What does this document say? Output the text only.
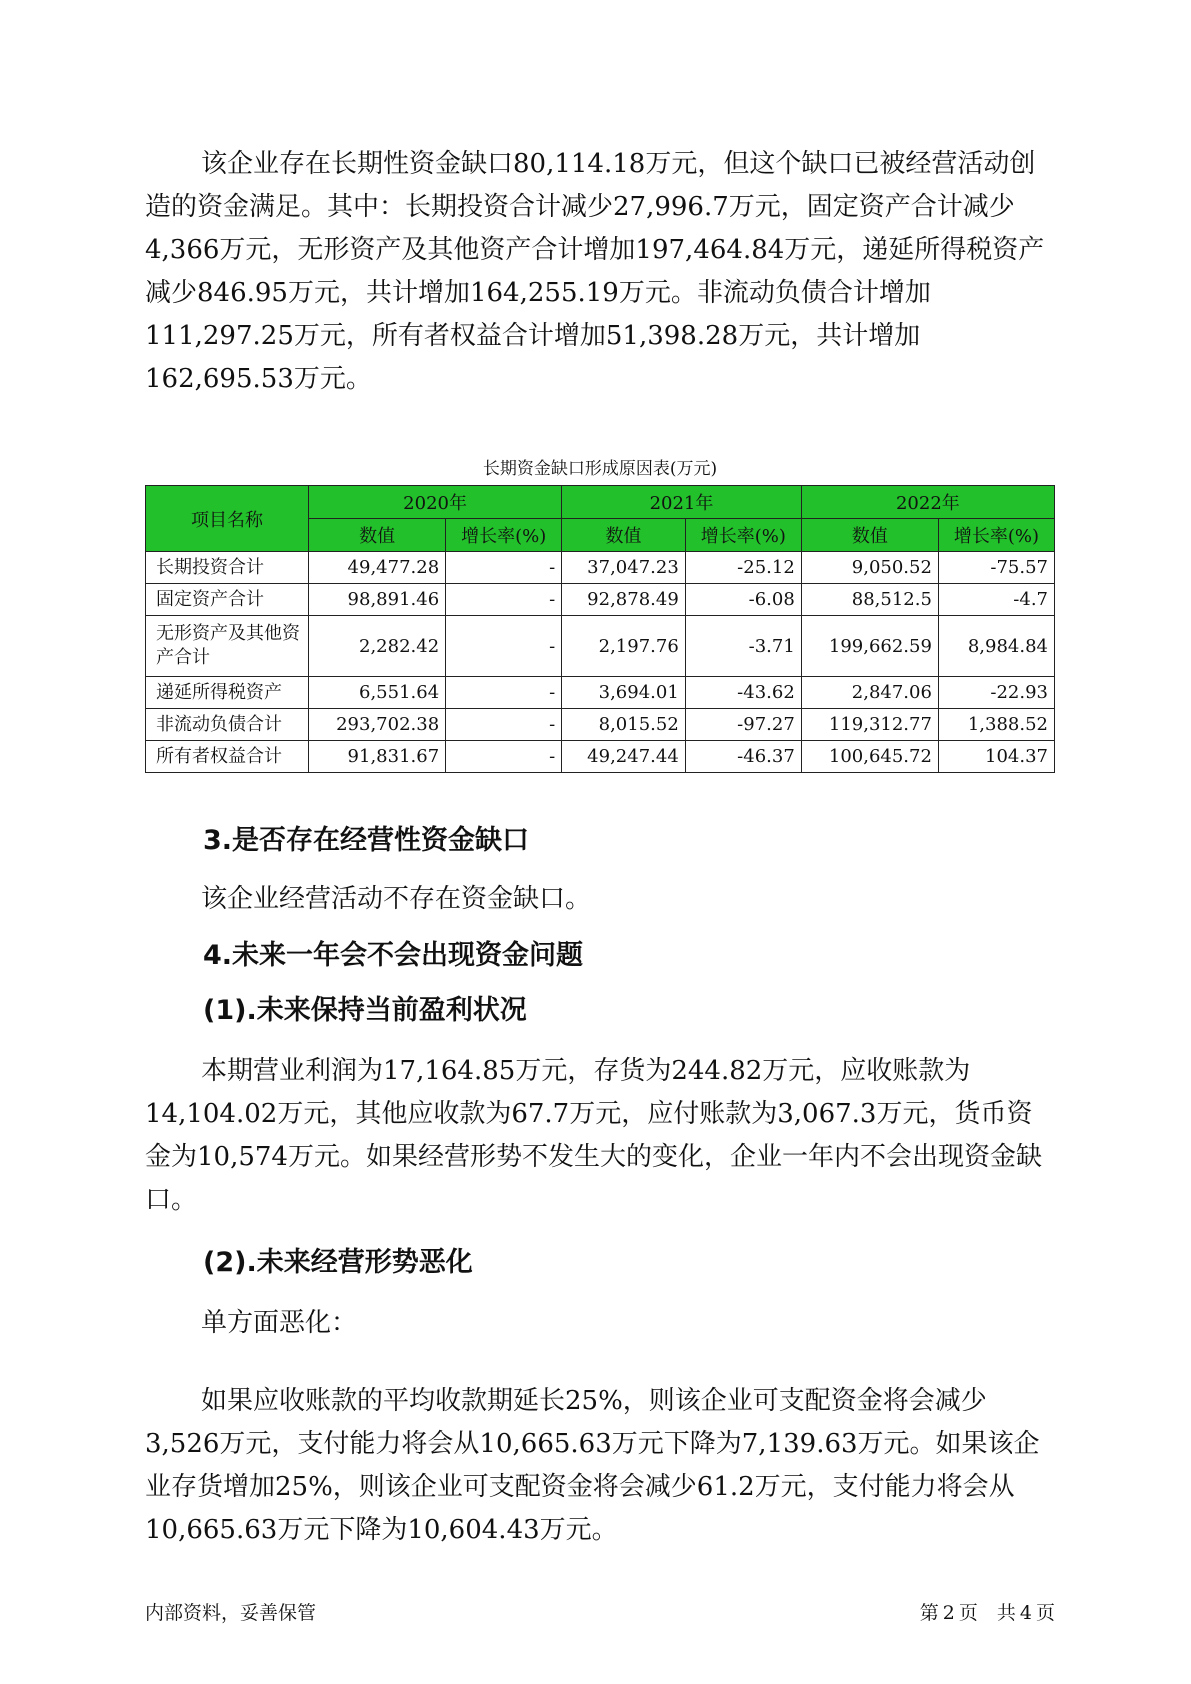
该企业存在长期性资金缺口80,114.18万元，但这个缺口已被经营活动创造的资金满足。其中：长期投资合计减少27,996.7万元，固定资产合计减少4,366万元，无形资产及其他资产合计增加197,464.84万元，递延所得税资产减少846.95万元，共计增加164,255.19万元。非流动负债合计增加111,297.25万元，所有者权益合计增加51,398.28万元，共计增加162,695.53万元。

长期资金缺口形成原因表(万元)

项目名称	2020年		2021年		2022年	
	数值	增长率(%)	数值	增长率(%)	数值	增长率(%)
长期投资合计	49,477.28	-	37,047.23	-25.12	9,050.52	-75.57
固定资产合计	98,891.46	-	92,878.49	-6.08	88,512.5	-4.7
无形资产及其他资产合计	2,282.42	-	2,197.76	-3.71	199,662.59	8,984.84
递延所得税资产	6,551.64	-	3,694.01	-43.62	2,847.06	-22.93
非流动负债合计	293,702.38	-	8,015.52	-97.27	119,312.77	1,388.52
所有者权益合计	91,831.67	-	49,247.44	-46.37	100,645.72	104.37

3.是否存在经营性资金缺口

该企业经营活动不存在资金缺口。

4.未来一年会不会出现资金问题

(1).未来保持当前盈利状况

本期营业利润为17,164.85万元，存货为244.82万元，应收账款为14,104.02万元，其他应收款为67.7万元，应付账款为3,067.3万元，货币资金为10,574万元。如果经营形势不发生大的变化，企业一年内不会出现资金缺口。

(2).未来经营形势恶化

单方面恶化：

如果应收账款的平均收款期延长25%，则该企业可支配资金将会减少3,526万元，支付能力将会从10,665.63万元下降为7,139.63万元。如果该企业存货增加25%，则该企业可支配资金将会减少61.2万元，支付能力将会从10,665.63万元下降为10,604.43万元。

内部资料，妥善保管	第 2 页　共 4 页
